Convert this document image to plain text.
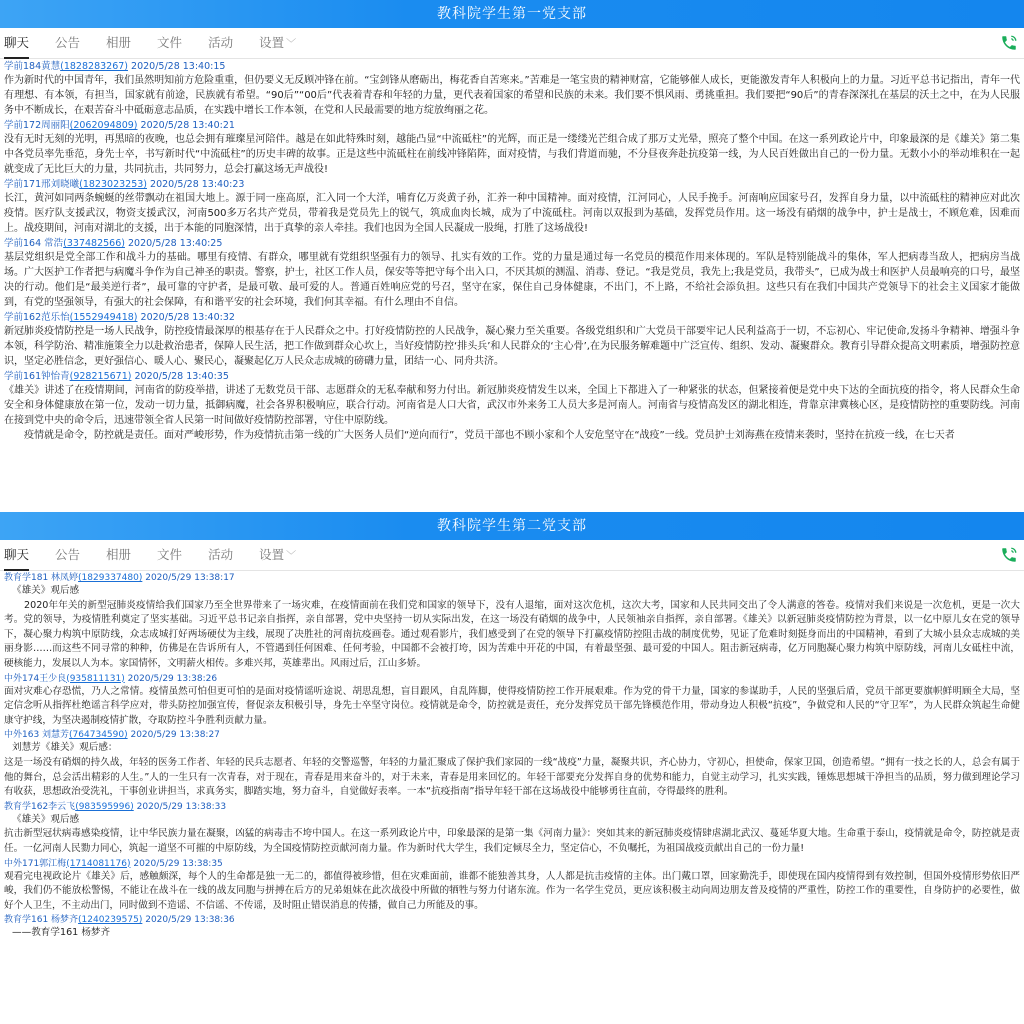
教科院学生第一党支部
聊天 公告 相册 文件 活动 设置 ﹀
学前184黄慧(1828283267) 2020/5/28 13:40:15

作为新时代的中国青年，我们虽然明知前方危险重重，但仍要义无反顾冲锋在前。“宝剑锋从磨砺出，梅花香自苦寒来。”苦难是一笔宝贵的精神财富，它能够催人成长，更能激发青年人积极向上的力量。习近平总书记指出，青年一代有理想、有本领，有担当，国家就有前途，民族就有希望。“90后”“00后”代表着青春和年轻的力量，更代表着国家的希望和民族的未来。我们要不惧风雨、勇挑重担。我们要把“90后”的青春深深扎在基层的沃土之中，在为人民服务中不断成长，在艰苦奋斗中砥砺意志品质，在实践中增长工作本领，在党和人民最需要的地方绽放绚丽之花。

学前172周丽阳(2062094809) 2020/5/28 13:40:21

没有无时无刻的光明，再黑暗的夜晚，也总会拥有璀璨星河陪伴。越是在如此特殊时刻，越能凸显“中流砥柱”的光辉，而正是一缕缕光芒组合成了那万丈光晕，照亮了整个中国。在这一系列政论片中，印象最深的是《雄关》第二集中各党员率先垂范，身先士卒，书写新时代“中流砥柱”的历史丰碑的故事。正是这些中流砥柱在前线冲锋陷阵，面对疫情，与我们背道而驰，不分昼夜奔赴抗疫第一线，为人民百姓做出自己的一份力量。无数小小的举动堆积在一起就变成了无比巨大的力量，共同抗击，共同努力，总会打赢这场无声战役!

学前171邢刘晓曦(1823023253) 2020/5/28 13:40:23

长江，黄河如同两条蜿蜒的丝带飘动在祖国大地上。源于同一座高原，汇入同一个大洋，哺育亿万炎黄子孙，汇养一种中国精神。面对疫情，江河同心，人民手挽手。河南响应国家号召，发挥自身力量，以中流砥柱的精神应对此次疫情。医疗队支援武汉，物资支援武汉，河南500多万名共产党员，带着我是党员先上的锐气，筑成血肉长城，成为了中流砥柱。河南以双报到为基础，发挥党员作用。这一场没有硝烟的战争中，护士是战士，不顾危难，因难而上。战疫期间，河南对湖北的支援，出于本能的同胞深情，出于真挚的亲人牵挂。我们也因为全国人民凝成一股绳，打胜了这场战役!

学前164 常浩(337482566) 2020/5/28 13:40:25

基层党组织是党全部工作和战斗力的基础。哪里有疫情、有群众，哪里就有党组织坚强有力的领导、扎实有效的工作。党的力量是通过每一名党员的模范作用来体现的。军队是特别能战斗的集体，军人把病毒当敌人，把病房当战场。广大医护工作者把与病魔斗争作为自己神圣的职责。警察，护士，社区工作人员，保安等等把守每个出入口，不厌其烦的测温、消毒、登记。“我是党员，我先上;我是党员，我带头”，已成为战士和医护人员最响亮的口号，最坚决的行动。他们是“最美逆行者”，最可靠的守护者，是最可敬、最可爱的人。普通百姓响应党的号召，坚守在家，保住自己身体健康，不出门，不上路，不给社会添负担。这些只有在我们中国共产党领导下的社会主义国家才能做到，有党的坚强领导，有强大的社会保障，有和谐平安的社会环境，我们何其幸福。有什么理由不自信。

学前162范乐怡(1552949418) 2020/5/28 13:40:32

新冠肺炎疫情防控是一场人民战争，防控疫情最深厚的根基存在于人民群众之中。打好疫情防控的人民战争，凝心聚力至关重要。各级党组织和广大党员干部要牢记人民利益高于一切，不忘初心、牢记使命,发扬斗争精神、增强斗争本领，科学防治、精准施策全力以赴救治患者，保障人民生活，把工作做到群众心坎上，当好疫情防控‘排头兵’和人民群众的‘主心骨’,在为民服务解难题中广泛宣传、组织、发动、凝聚群众。教育引导群众提高文明素质，增强防控意识，坚定必胜信念，更好强信心、暖人心、聚民心，凝聚起亿万人民众志成城的磅礴力量，团结一心、同舟共济。

学前161钟怡青(928215671) 2020/5/28 13:40:35

《雄关》讲述了在疫情期间，河南省的防疫举措，讲述了无数党员干部、志愿群众的无私奉献和努力付出。新冠肺炎疫情发生以来，全国上下都进入了一种紧张的状态，但紧接着便是党中央下达的全面抗疫的指令，将人民群众生命安全和身体健康放在第一位，发动一切力量，抵御病魔，社会各界积极响应，联合行动。河南省是人口大省，武汉市外来务工人员大多是河南人。河南省与疫情高发区的湖北相连，背靠京津冀核心区，是疫情防控的重要防线。河南在接到党中央的命令后，迅速带领全省人民第一时间做好疫情防控部署，守住中原防线。

疫情就是命令，防控就是责任。面对严峻形势，作为疫情抗击第一线的广大医务人员们“逆向而行”，党员干部也不顾小家和个人安危坚守在“战疫”一线。党员护士刘海燕在疫情来袭时，坚持在抗疫一线，在七天者

教科院学生第二党支部
聊天 公告 相册 文件 活动 设置 ﹀
教育学181 林凤婷(1829337480) 2020/5/29 13:38:17

《雄关》观后感

2020年年关的新型冠肺炎疫情给我们国家乃至全世界带来了一场灾难，在疫情面前在我们党和国家的领导下，没有人退缩，面对这次危机，这次大考，国家和人民共同交出了令人满意的答卷。疫情对我们来说是一次危机，更是一次大考。党的领导，为疫情胜利奠定了坚实基础。习近平总书记亲自指挥，亲自部署，党中央坚持一切从实际出发，在这一场没有硝烟的战争中，人民领袖亲自指挥，亲自部署。《雄关》以新冠肺炎疫情防控为背景，以一亿中原儿女在党的领导下，凝心聚力构筑中原防线，众志成城打好两场硬仗为主线，展现了决胜社的河南抗疫画卷。通过观看影片，我们感受到了在党的领导下打赢疫情防控阻击战的制度优势，见证了危难时刻挺身而出的中国精神，看到了大城小县众志成城的美丽身影……而这些不同寻常的种种，仿佛是在告诉所有人，不管遇到任何困难、任何考验，中国都不会被打垮，因为苦难中开花的中国，有着最坚强、最可爱的中国人。阻击新冠病毒，亿万同胞凝心聚力构筑中原防线，河南儿女砥柱中流，硬核能力，发展以人为本。家国情怀，文明薪火相传。多难兴邦，英雄辈出。风雨过后，江山多娇。

中外174王少良(935811131) 2020/5/29 13:38:26

面对灾难心存恐慌，乃人之常情。疫情虽然可怕但更可怕的是面对疫情谣听途说、胡思乱想，盲目跟风，自乱阵脚，使得疫情防控工作开展艰难。作为党的骨干力量，国家的参谋助手，人民的坚强后盾，党员干部更要旗帜鲜明顾全大局，坚定信念听从指挥杜绝谣言科学应对，带头防控加强宣传，督促亲友积极引导，身先士卒坚守岗位。疫情就是命令，防控就是责任，充分发挥党员干部先锋模范作用，带动身边人积极“抗疫”，争做党和人民的“守卫军”，为人民群众筑起生命健康守护线，为坚决遏制疫情扩散，夺取防控斗争胜利贡献力量。

中外163 刘慧芳(764734590) 2020/5/29 13:38:27

刘慧芳《雄关》观后感：

这是一场没有硝烟的持久战，年轻的医务工作者、年轻的民兵志愿者、年轻的交警巡警，年轻的力量汇聚成了保护我们家园的一线“战疫”力量，凝聚共识，齐心协力，守初心，担使命，保家卫国，创造希望。“拥有一技之长的人，总会有属于他的舞台，总会活出精彩的人生。”人的一生只有一次青春，对于现在，青春是用来奋斗的，对于未来，青春是用来回忆的。年轻干部要充分发挥自身的优势和能力，自觉主动学习，扎实实践，锤炼思想城干净担当的品质，努力做到理论学习有收获，思想政治受洗礼，干事创业讲担当，求真务实，脚踏实地，努力奋斗，自觉做好表率。一本“抗疫指南”指导年轻干部在这场战役中能够勇往直前，夺得最终的胜利。

教育学162李云飞(983595996) 2020/5/29 13:38:33

《雄关》观后感

抗击新型冠状病毒感染疫情，让中华民族力量在凝聚，凶猛的病毒击不垮中国人。在这一系列政论片中，印象最深的是第一集《河南力量》：突如其来的新冠肺炎疫情肆虐湖北武汉、蔓延华夏大地。生命重于泰山，疫情就是命令，防控就是责任。一亿河南人民勠力同心，筑起一道坚不可摧的中原防线，为全国疫情防控贡献河南力量。作为新时代大学生，我们定倾尽全力，坚定信心，不负嘱托，为祖国战疫贡献出自己的一份力量!

中外171郭江梅(1714081176) 2020/5/29 13:38:35

观看完电视政论片《雄关》后，感触颇深，每个人的生命都是独一无二的，都值得被珍惜，但在灾难面前，谁都不能独善其身，人人都是抗击疫情的主体。出门戴口罩，回家勤洗手，即使现在国内疫情得到有效控制，但国外疫情形势依旧严峻，我们仍不能放松警惕，不能让在战斗在一线的战友同胞与拼搏在后方的兄弟姐妹在此次战役中所做的牺牲与努力付诸东流。作为一名学生党员，更应该积极主动向周边朋友普及疫情的严重性，防控工作的重要性，自身防护的必要性，做好个人卫生，不主动出门，同时做到不造谣、不信谣、不传谣，及时阻止错误消息的传播，做自己力所能及的事。

教育学161 杨梦齐(1240239575) 2020/5/29 13:38:36

——教育学161 杨梦齐
